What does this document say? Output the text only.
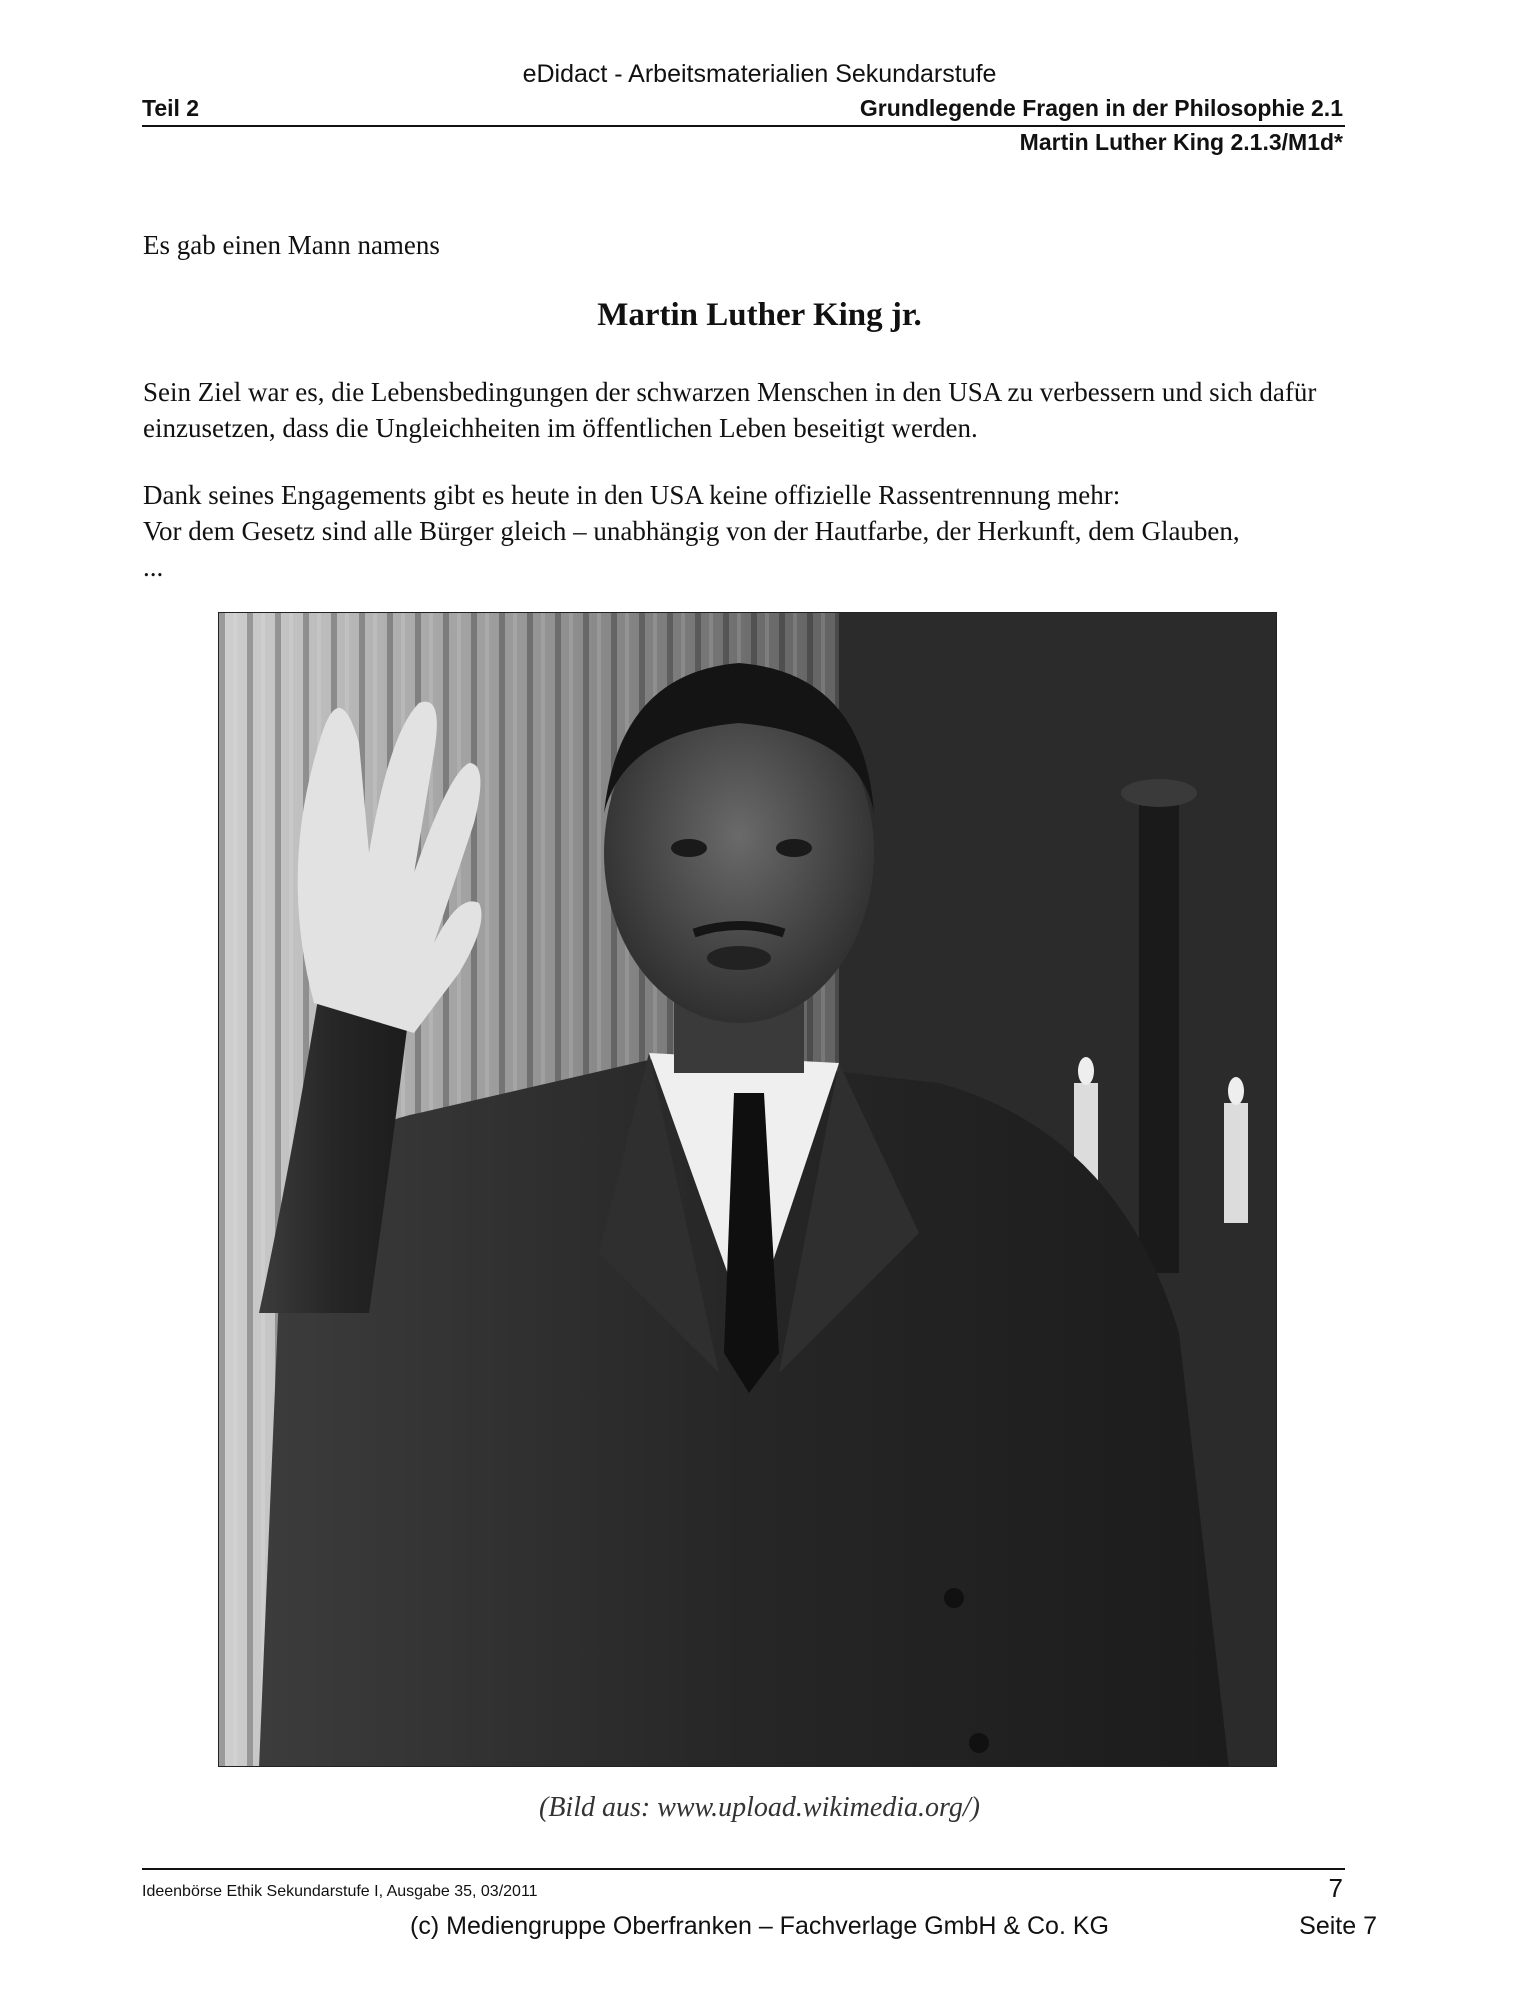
eDidact - Arbeitsmaterialien Sekundarstufe
Teil 2	Grundlegende Fragen in der Philosophie 2.1
Martin Luther King 2.1.3/M1d*
Es gab einen Mann namens
Martin Luther King jr.
Sein Ziel war es, die Lebensbedingungen der schwarzen Menschen in den USA zu verbessern und sich dafür einzusetzen, dass die Ungleichheiten im öffentlichen Leben beseitigt werden.
Dank seines Engagements gibt es heute in den USA keine offizielle Rassentrennung mehr:
Vor dem Gesetz sind alle Bürger gleich – unabhängig von der Hautfarbe, der Herkunft, dem Glauben,
...
(Bild aus: www.upload.wikimedia.org/)
Ideenbörse Ethik Sekundarstufe I, Ausgabe 35, 03/2011	7
(c) Mediengruppe Oberfranken – Fachverlage GmbH & Co. KG	Seite 7
